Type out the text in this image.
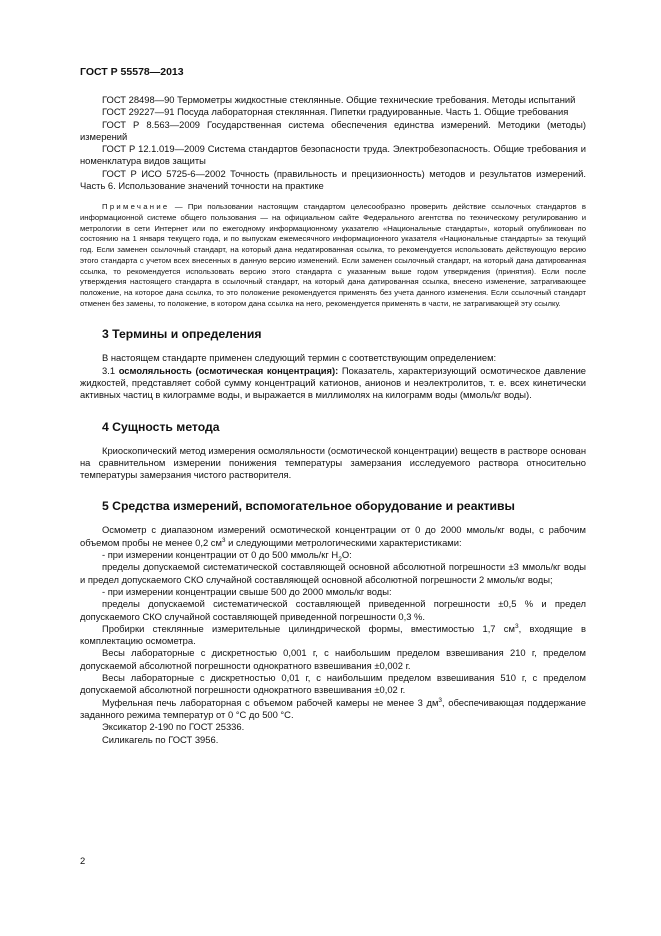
ГОСТ Р 55578—2013

ГОСТ 28498—90 Термометры жидкостные стеклянные. Общие технические требования. Методы испытаний

ГОСТ 29227—91 Посуда лабораторная стеклянная. Пипетки градуированные. Часть 1. Общие требования

ГОСТ Р 8.563—2009 Государственная система обеспечения единства измерений. Методики (методы) измерений

ГОСТ Р 12.1.019—2009 Система стандартов безопасности труда. Электробезопасность. Общие требования и номенклатура видов защиты

ГОСТ Р ИСО 5725-6—2002 Точность (правильность и прецизионность) методов и результатов измерений. Часть 6. Использование значений точности на практике

Примечание — При пользовании настоящим стандартом целесообразно проверить действие ссылочных стандартов в информационной системе общего пользования — на официальном сайте Федерального агентства по техническому регулированию и метрологии в сети Интернет или по ежегодному информационному указателю «Национальные стандарты», который опубликован по состоянию на 1 января текущего года, и по выпускам ежемесячного информационного указателя «Национальные стандарты» за текущий год. Если заменен ссылочный стандарт, на который дана недатированная ссылка, то рекомендуется использовать действующую версию этого стандарта с учетом всех внесенных в данную версию изменений. Если заменен ссылочный стандарт, на который дана датированная ссылка, то рекомендуется использовать версию этого стандарта с указанным выше годом утверждения (принятия). Если после утверждения настоящего стандарта в ссылочный стандарт, на который дана датированная ссылка, внесено изменение, затрагивающее положение, на которое дана ссылка, то это положение рекомендуется применять без учета данного изменения. Если ссылочный стандарт отменен без замены, то положение, в котором дана ссылка на него, рекомендуется применять в части, не затрагивающей эту ссылку.

3 Термины и определения

В настоящем стандарте применен следующий термин с соответствующим определением:

3.1 осмоляльность (осмотическая концентрация): Показатель, характеризующий осмотическое давление жидкостей, представляет собой сумму концентраций катионов, анионов и неэлектролитов, т. е. всех кинетически активных частиц в килограмме воды, и выражается в миллимолях на килограмм воды (ммоль/кг воды).

4 Сущность метода

Криоскопический метод измерения осмоляльности (осмотической концентрации) веществ в растворе основан на сравнительном измерении понижения температуры замерзания исследуемого раствора относительно температуры замерзания чистого растворителя.

5 Средства измерений, вспомогательное оборудование и реактивы

Осмометр с диапазоном измерений осмотической концентрации от 0 до 2000 ммоль/кг воды, с рабочим объемом пробы не менее 0,2 $см^3$ и следующими метрологическими характеристиками:

- при измерении концентрации от 0 до 500 ммоль/кг $H_2O$:

пределы допускаемой систематической составляющей основной абсолютной погрешности ±3 ммоль/кг воды и предел допускаемого СКО случайной составляющей основной абсолютной погрешности 2 ммоль/кг воды;

- при измерении концентрации свыше 500 до 2000 ммоль/кг воды:

пределы допускаемой систематической составляющей приведенной погрешности ±0,5 % и предел допускаемого СКО случайной составляющей приведенной погрешности 0,3 %.

Пробирки стеклянные измерительные цилиндрической формы, вместимостью 1,7 $см^3$, входящие в комплектацию осмометра.

Весы лабораторные с дискретностью 0,001 г, с наибольшим пределом взвешивания 210 г, пределом допускаемой абсолютной погрешности однократного взвешивания ±0,002 г.

Весы лабораторные с дискретностью 0,01 г, с наибольшим пределом взвешивания 510 г, с пределом допускаемой абсолютной погрешности однократного взвешивания ±0,02 г.

Муфельная печь лабораторная с объемом рабочей камеры не менее 3 $дм^3$, обеспечивающая поддержание заданного режима температур от 0 °С до 500 °С.

Эксикатор 2-190 по ГОСТ 25336.

Силикагель по ГОСТ 3956.

2
